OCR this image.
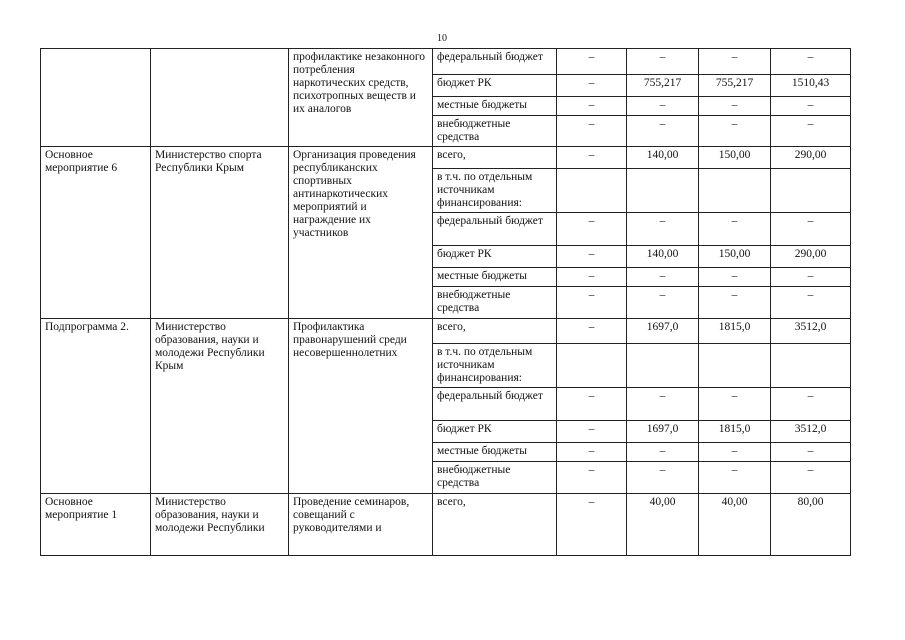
10
		профилактике незаконного потребления наркотических средств, психотропных веществ и их аналогов	федеральный бюджет	–	–	–	–
			бюджет РК	–	755,217	755,217	1510,43
			местные бюджеты	–	–	–	–
			внебюджетные средства	–	–	–	–
Основное мероприятие 6	Министерство спорта Республики Крым	Организация проведения республиканских спортивных антинаркотических мероприятий и награждение их участников	всего,	–	140,00	150,00	290,00
			в т.ч. по отдельным источникам финансирования:				
			федеральный бюджет	–	–	–	–
			бюджет РК	–	140,00	150,00	290,00
			местные бюджеты	–	–	–	–
			внебюджетные средства	–	–	–	–
Подпрограмма 2.	Министерство образования, науки и молодежи Республики Крым	Профилактика правонарушений среди несовершеннолетних	всего,	–	1697,0	1815,0	3512,0
			в т.ч. по отдельным источникам финансирования:				
			федеральный бюджет	–	–	–	–
			бюджет РК	–	1697,0	1815,0	3512,0
			местные бюджеты	–	–	–	–
			внебюджетные средства	–	–	–	–
Основное мероприятие 1	Министерство образования, науки и молодежи Республики	Проведение семинаров, совещаний с руководителями и	всего,	–	40,00	40,00	80,00
